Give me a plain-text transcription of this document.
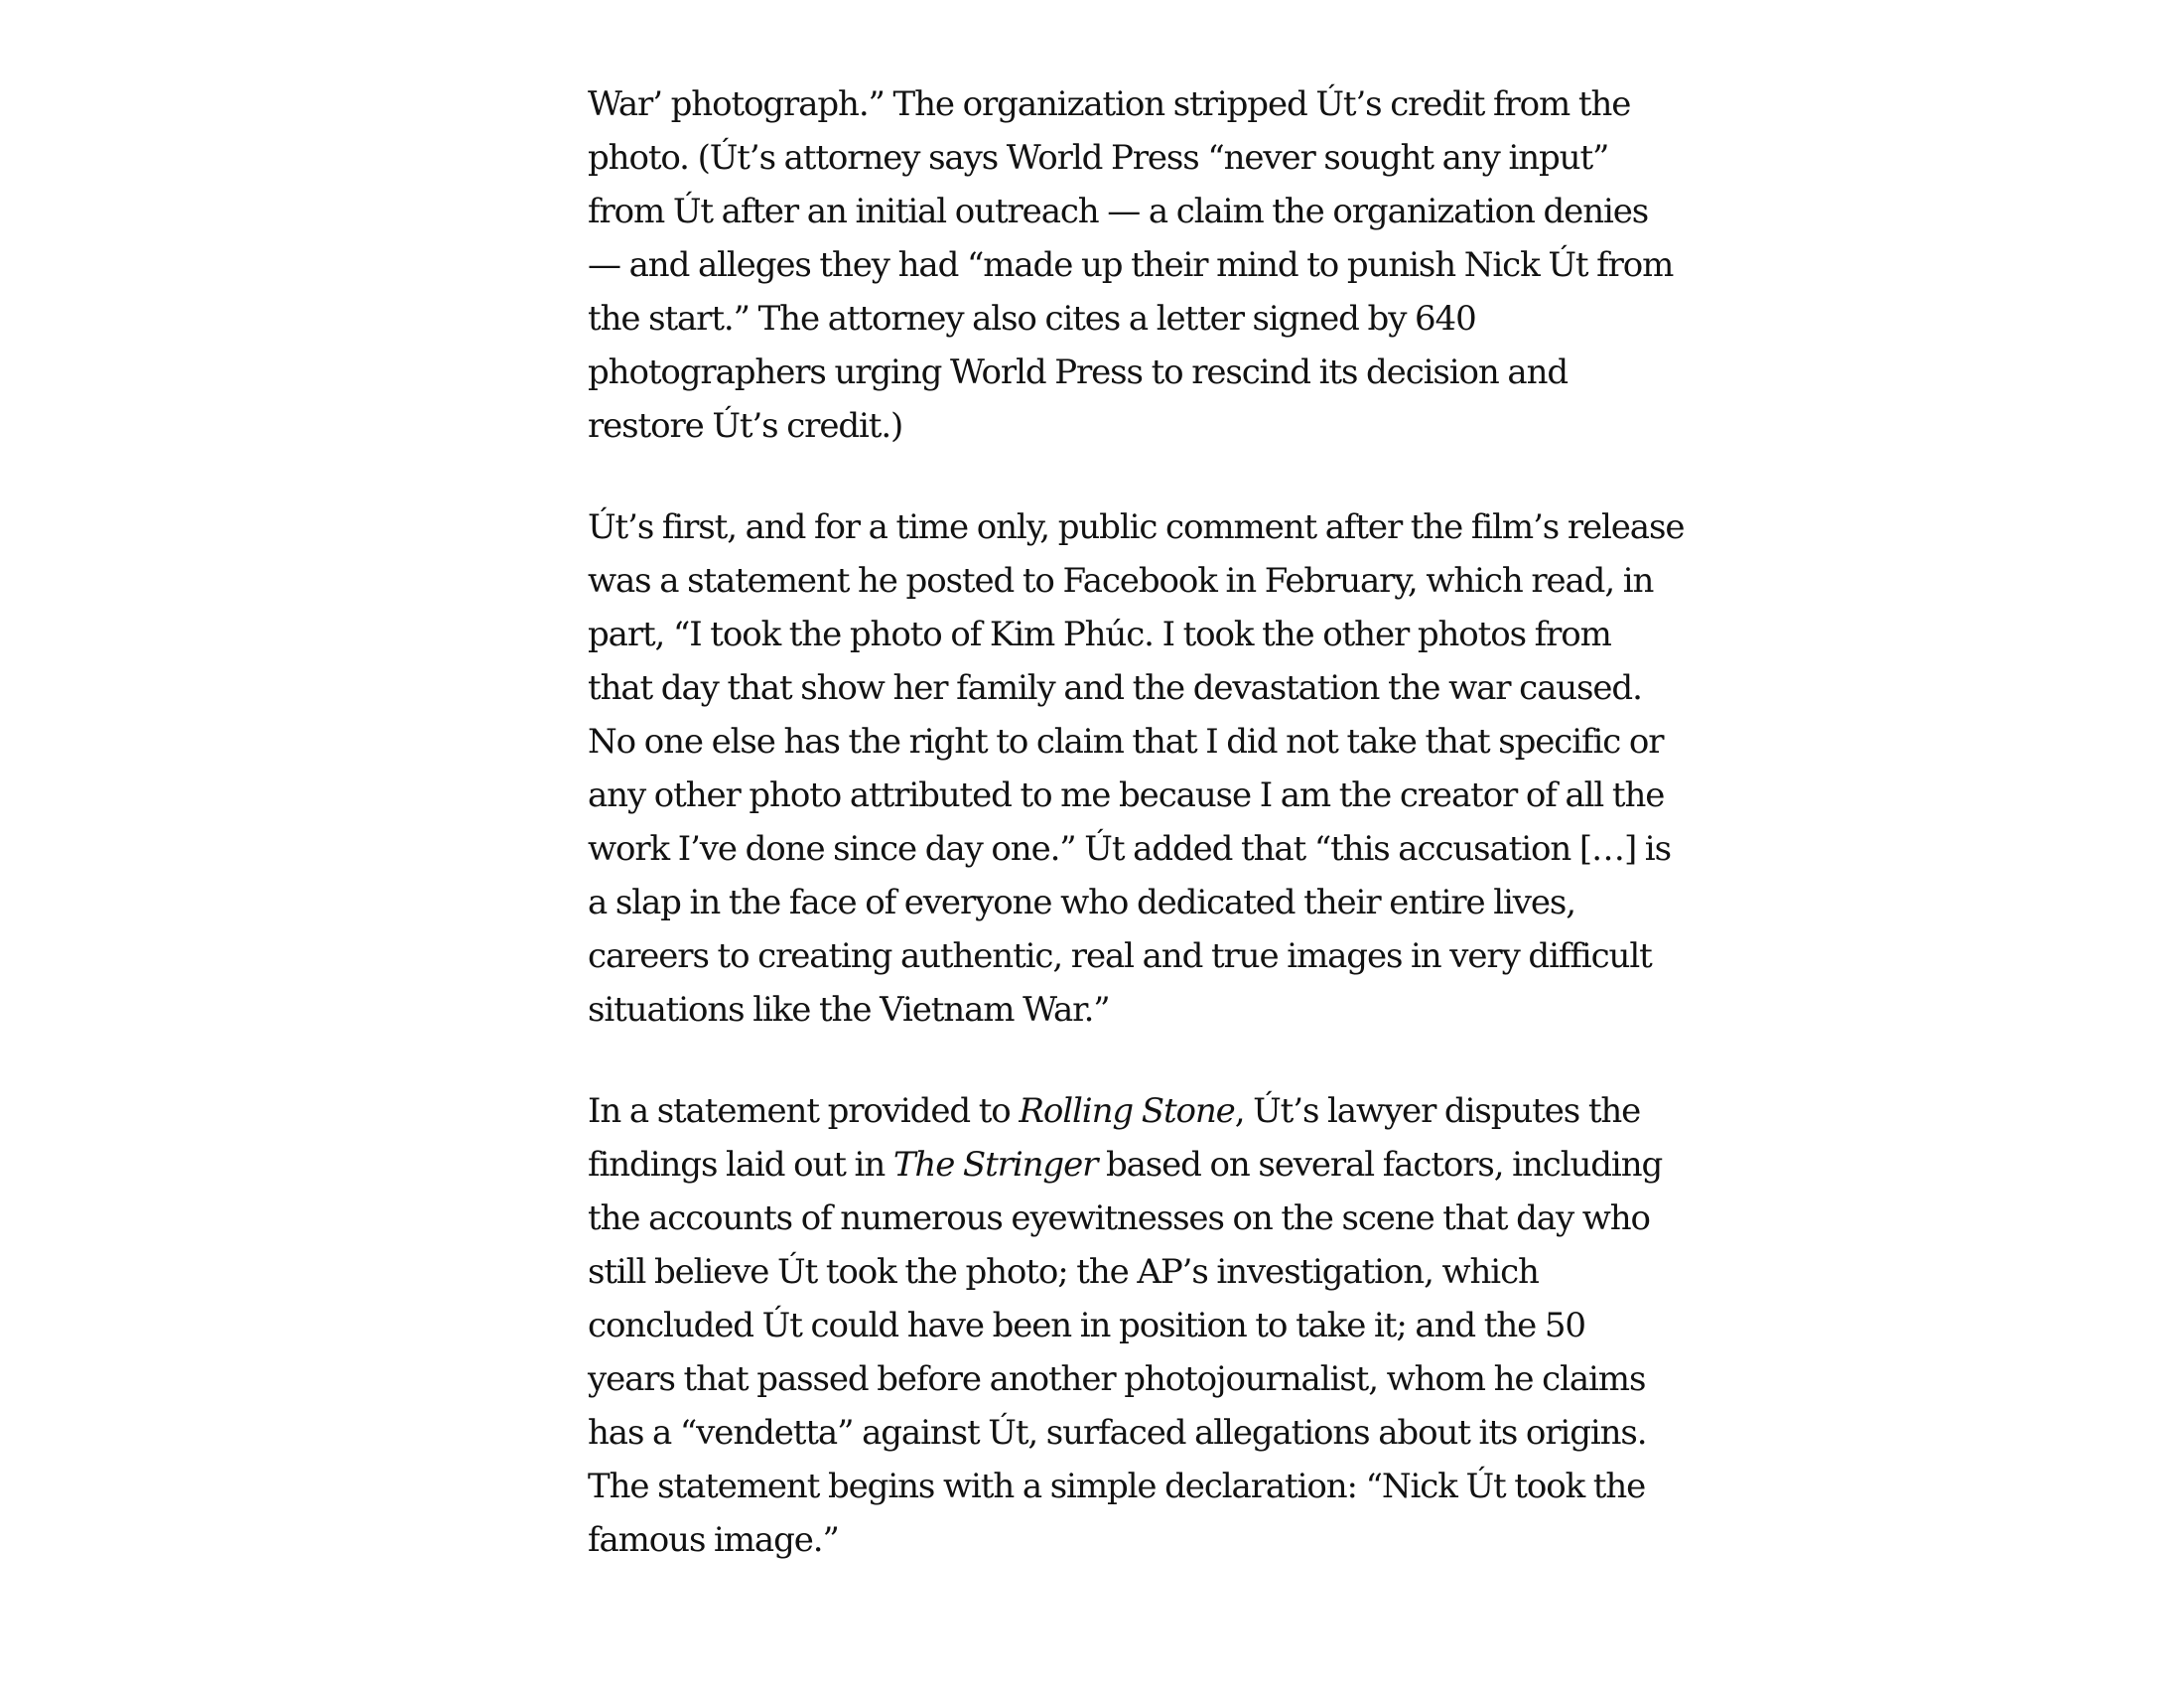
War’ photograph.” The organization stripped Út’s credit from the
photo. (Út’s attorney says World Press “never sought any input”
from Út after an initial outreach — a claim the organization denies
— and alleges they had “made up their mind to punish Nick Út from
the start.” The attorney also cites a letter signed by 640
photographers urging World Press to rescind its decision and
restore Út’s credit.)

Út’s first, and for a time only, public comment after the film’s release
was a statement he posted to Facebook in February, which read, in
part, “I took the photo of Kim Phúc. I took the other photos from
that day that show her family and the devastation the war caused.
No one else has the right to claim that I did not take that specific or
any other photo attributed to me because I am the creator of all the
work I’ve done since day one.” Út added that “this accusation […] is
a slap in the face of everyone who dedicated their entire lives,
careers to creating authentic, real and true images in very difficult
situations like the Vietnam War.”

In a statement provided to Rolling Stone, Út’s lawyer disputes the
findings laid out in The Stringer based on several factors, including
the accounts of numerous eyewitnesses on the scene that day who
still believe Út took the photo; the AP’s investigation, which
concluded Út could have been in position to take it; and the 50
years that passed before another photojournalist, whom he claims
has a “vendetta” against Út, surfaced allegations about its origins.
The statement begins with a simple declaration: “Nick Út took the
famous image.”
